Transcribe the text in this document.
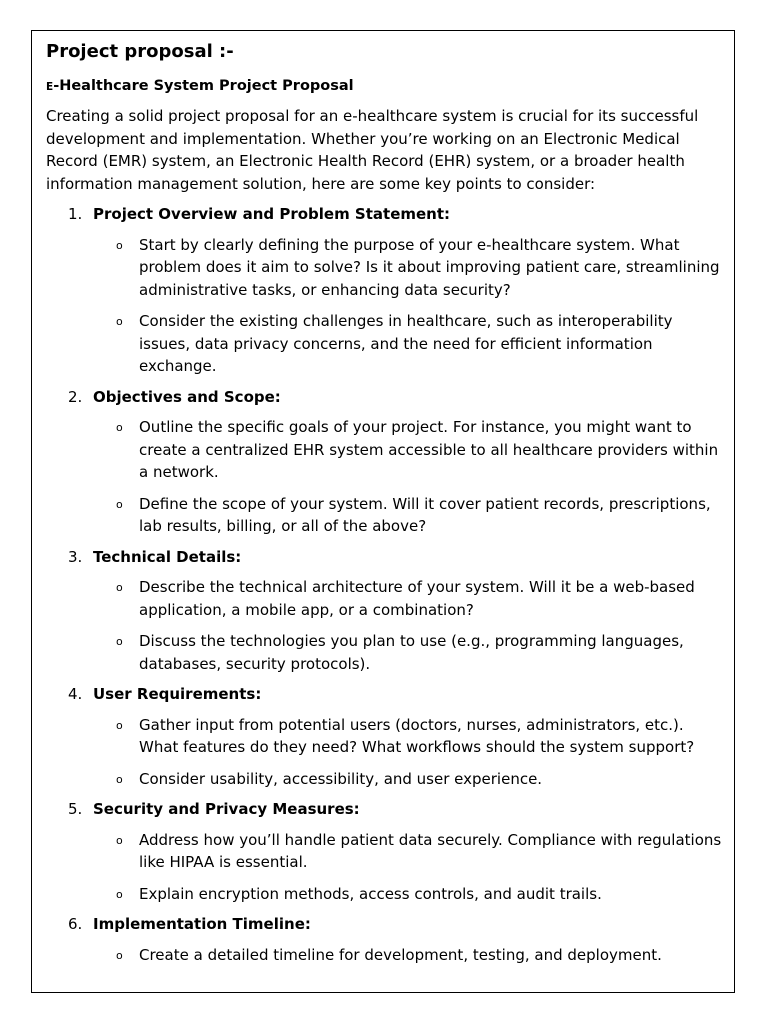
Project proposal :-
E-Healthcare System Project Proposal

Creating a solid project proposal for an e-healthcare system is crucial for its successful development and implementation. Whether you’re working on an Electronic Medical Record (EMR) system, an Electronic Health Record (EHR) system, or a broader health information management solution, here are some key points to consider:

1. Project Overview and Problem Statement:
o Start by clearly defining the purpose of your e-healthcare system. What problem does it aim to solve? Is it about improving patient care, streamlining administrative tasks, or enhancing data security?
o Consider the existing challenges in healthcare, such as interoperability issues, data privacy concerns, and the need for efficient information exchange.
2. Objectives and Scope:
o Outline the specific goals of your project. For instance, you might want to create a centralized EHR system accessible to all healthcare providers within a network.
o Define the scope of your system. Will it cover patient records, prescriptions, lab results, billing, or all of the above?
3. Technical Details:
o Describe the technical architecture of your system. Will it be a web-based application, a mobile app, or a combination?
o Discuss the technologies you plan to use (e.g., programming languages, databases, security protocols).
4. User Requirements:
o Gather input from potential users (doctors, nurses, administrators, etc.). What features do they need? What workflows should the system support?
o Consider usability, accessibility, and user experience.
5. Security and Privacy Measures:
o Address how you’ll handle patient data securely. Compliance with regulations like HIPAA is essential.
o Explain encryption methods, access controls, and audit trails.
6. Implementation Timeline:
o Create a detailed timeline for development, testing, and deployment.
